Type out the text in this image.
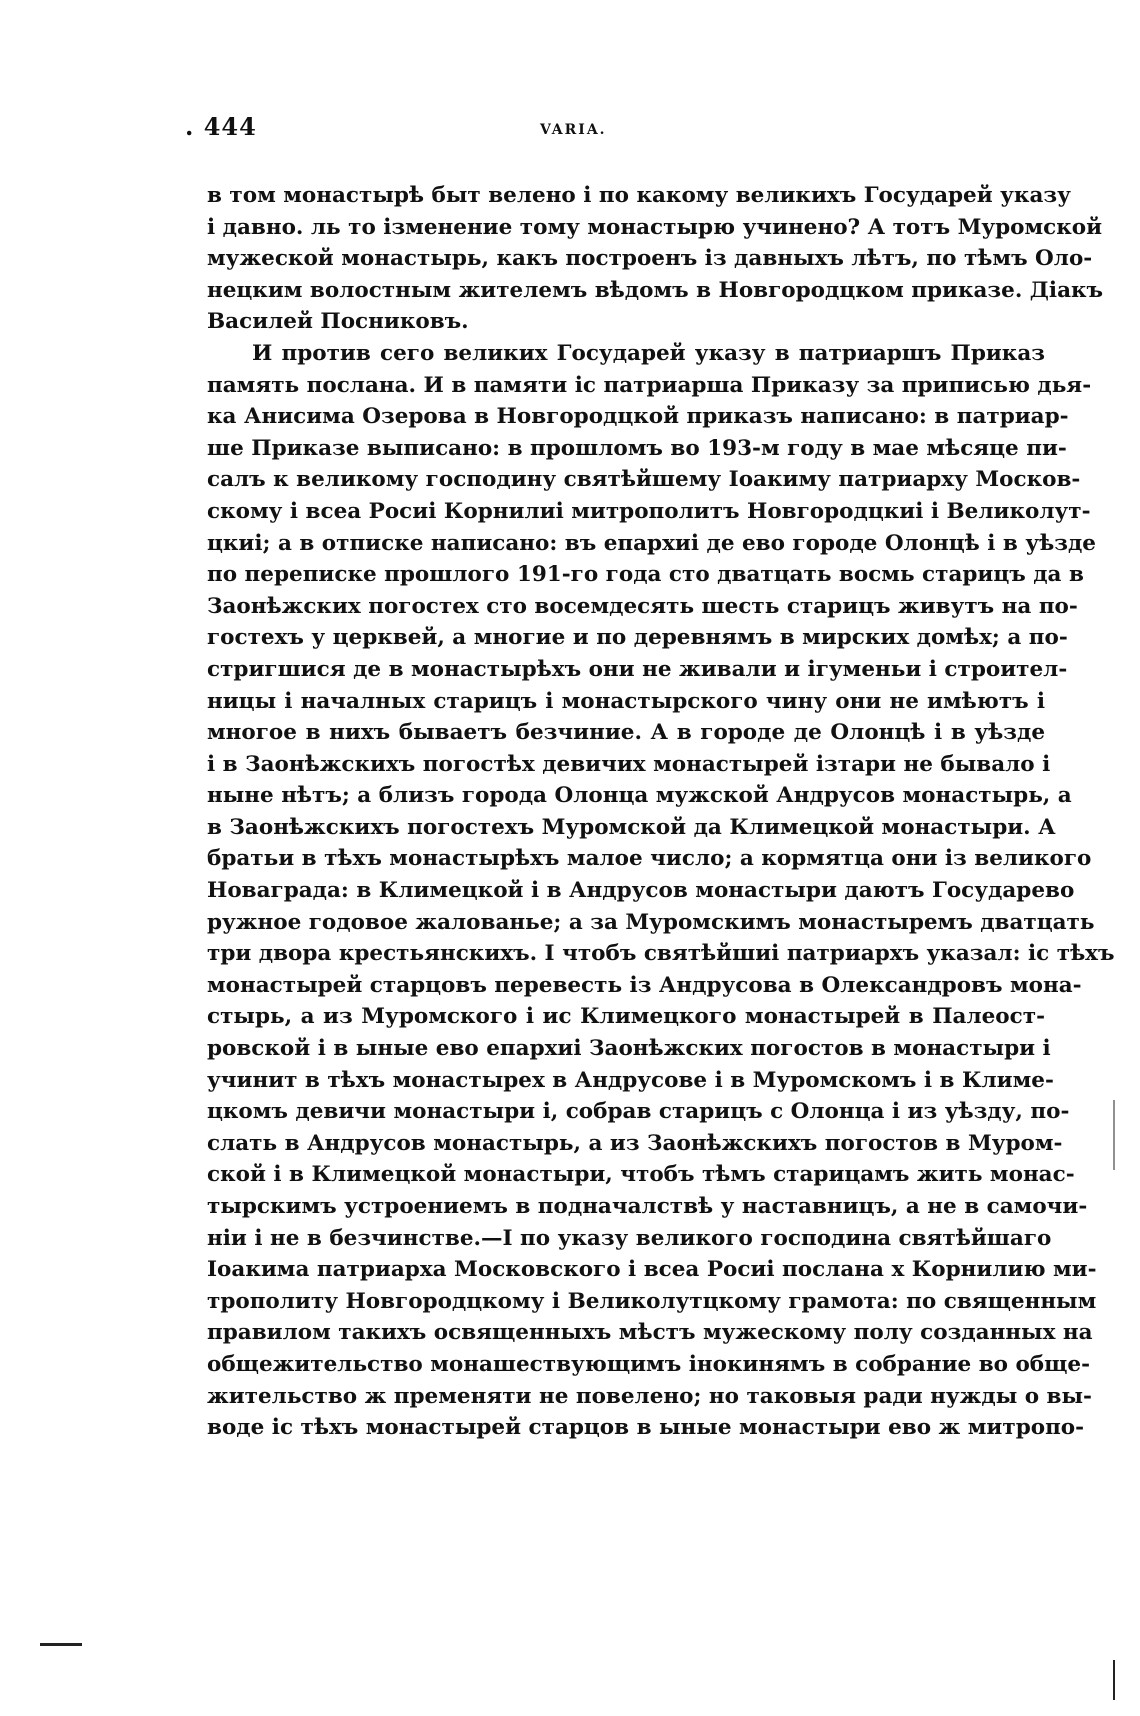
. 444	VARIA.
в том монастырѣ быт велено і по какому великихъ Государей указу
і давно. ль то ізменение тому монастырю учинено? А тотъ Муромской
мужеской монастырь, какъ построенъ із давныхъ лѣтъ, по тѣмъ Оло-
нецким волостным жителемъ вѣдомъ в Новгородцком приказе. Діакъ
Василей Посниковъ.
И против сего великих Государей указу в патриаршъ Приказ
память послана. И в памяти іс патриарша Приказу за приписью дья-
ка Анисима Озерова в Новгородцкой приказъ написано: в патриар-
ше Приказе выписано: в прошломъ во 193-м году в мае мѣсяце пи-
салъ к великому господину святѣйшему Іоакиму патриарху Москов-
скому і всеа Росиі Корнилиі митрополитъ Новгородцкиі і Великолут-
цкиі; а в отписке написано: въ епархиі де ево городе Олонцѣ і в уѣзде
по переписке прошлого 191-го года сто дватцать восмь старицъ да в
Заонѣжских погостех сто восемдесять шесть старицъ живутъ на по-
гостехъ у церквей, а многие и по деревнямъ в мирских домѣх; а по-
стригшися де в монастырѣхъ они не живали и ігуменьи і строител-
ницы і началных старицъ і монастырского чину они не имѣютъ і
многое в нихъ бываетъ безчиние. А в городе де Олонцѣ і в уѣзде
і в Заонѣжскихъ погостѣх девичих монастырей ізтари не бывало і
ныне нѣтъ; а близъ города Олонца мужской Андрусов монастырь, а
в Заонѣжскихъ погостехъ Муромской да Климецкой монастыри. А
братьи в тѣхъ монастырѣхъ малое число; а кормятца они із великого
Новаграда: в Климецкой і в Андрусов монастыри даютъ Государево
ружное годовое жалованье; а за Муромскимъ монастыремъ дватцать
три двора крестьянскихъ. І чтобъ святѣйшиі патриархъ указал: іс тѣхъ
монастырей старцовъ перевесть із Андрусова в Олександровъ мона-
стырь, а из Муромского і ис Климецкого монастырей в Палеост-
ровской і в ыные ево епархиі Заонѣжских погостов в монастыри і
учинит в тѣхъ монастырех в Андрусове і в Муромскомъ і в Климе-
цкомъ девичи монастыри і, собрав старицъ с Олонца і из уѣзду, по-
слать в Андрусов монастырь, а из Заонѣжскихъ погостов в Муром-
ской і в Климецкой монастыри, чтобъ тѣмъ старицамъ жить монас-
тырскимъ устроениемъ в подначалствѣ у наставницъ, а не в самочи-
ніи і не в безчинстве.—І по указу великого господина святѣйшаго
Іоакима патриарха Московского і всеа Росиі послана х Корнилию ми-
трополиту Новгородцкому і Великолутцкому грамота: по священным
правилом такихъ освященныхъ мѣстъ мужескому полу созданных на
общежительство монашествующимъ інокинямъ в собрание во обще-
жительство ж пременяти не повелено; но таковыя ради нужды о вы-
воде іс тѣхъ монастырей старцов в ыные монастыри ево ж митропо-
